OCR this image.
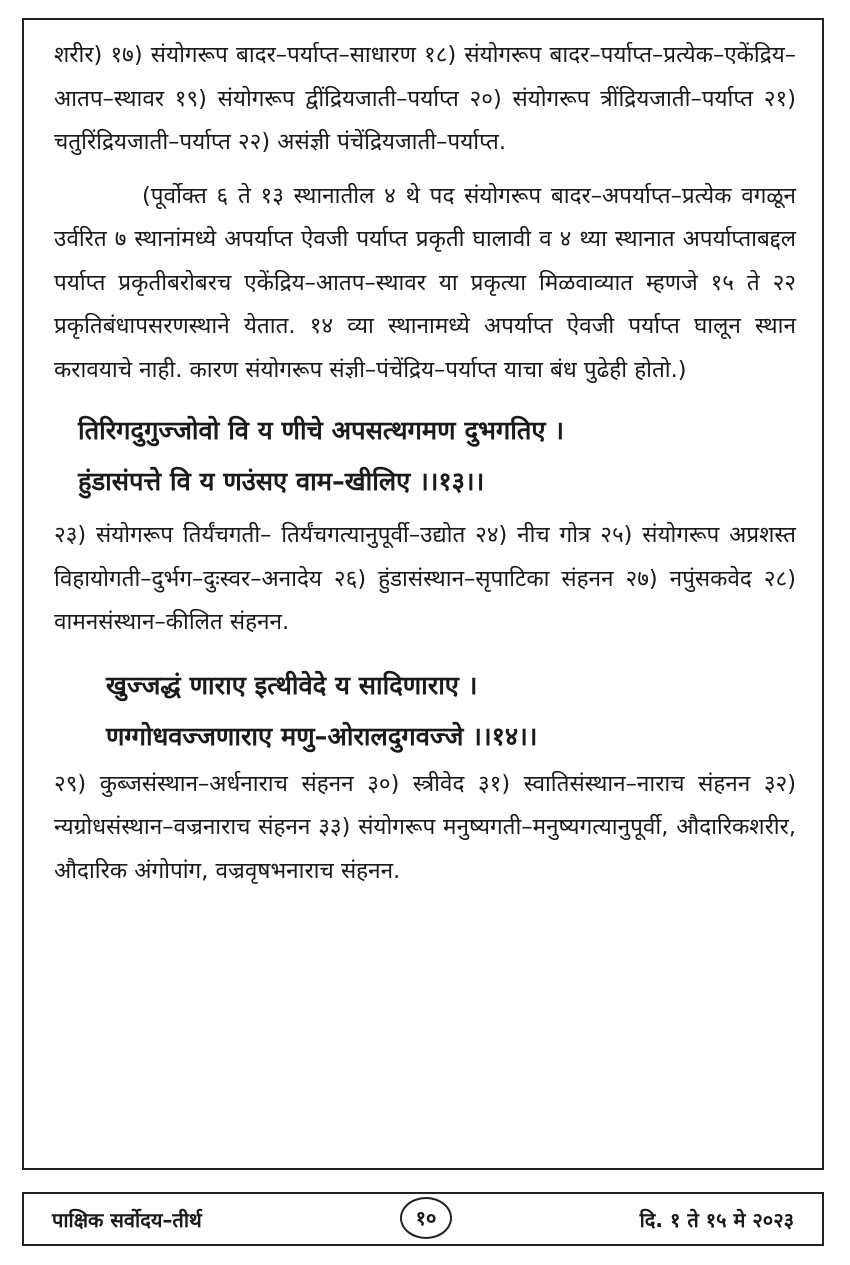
शरीर) १७) संयोगरूप बादर–पर्याप्त–साधारण १८) संयोगरूप बादर–पर्याप्त–प्रत्येक–एकेंद्रिय–आतप–स्थावर १९) संयोगरूप द्वींद्रियजाती–पर्याप्त २०) संयोगरूप त्रींद्रियजाती–पर्याप्त २१) चतुरिंद्रियजाती–पर्याप्त २२) असंज्ञी पंचेंद्रियजाती–पर्याप्त.

(पूर्वोक्त ६ ते १३ स्थानातील ४ थे पद संयोगरूप बादर–अपर्याप्त–प्रत्येक वगळून उर्वरित ७ स्थानांमध्ये अपर्याप्त ऐवजी पर्याप्त प्रकृती घालावी व ४ थ्या स्थानात अपर्याप्ताबद्दल पर्याप्त प्रकृतीबरोबरच एकेंद्रिय–आतप–स्थावर या प्रकृत्या मिळवाव्यात म्हणजे १५ ते २२ प्रकृतिबंधापसरणस्थाने येतात. १४ व्या स्थानामध्ये अपर्याप्त ऐवजी पर्याप्त घालून स्थान करावयाचे नाही. कारण संयोगरूप संज्ञी–पंचेंद्रिय–पर्याप्त याचा बंध पुढेही होतो.)

तिरिगदुगुज्जोवो वि य णीचे अपसत्थगमण दुभगतिए ।

हुंडासंपत्ते वि य णउंसए वाम–खीलिए ।।१३।।

२३) संयोगरूप तिर्यंचगती– तिर्यंचगत्यानुपूर्वी–उद्योत २४) नीच गोत्र २५) संयोगरूप अप्रशस्त विहायोगती–दुर्भग–दुःस्वर–अनादेय २६) हुंडासंस्थान–सृपाटिका संहनन २७) नपुंसकवेद २८) वामनसंस्थान–कीलित संहनन.

खुज्जद्धं णाराए इत्थीवेदे य सादिणाराए ।

णग्गोधवज्जणाराए मणु–ओरालदुगवज्जे ।।१४।।

२९) कुब्जसंस्थान–अर्धनाराच संहनन ३०) स्त्रीवेद ३१) स्वातिसंस्थान–नाराच संहनन ३२) न्यग्रोधसंस्थान–वज्रनाराच संहनन ३३) संयोगरूप मनुष्यगती–मनुष्यगत्यानुपूर्वी, औदारिकशरीर, औदारिक अंगोपांग, वज्रवृषभनाराच संहनन.

पाक्षिक सर्वोदय–तीर्थ	१०	दि. १ ते १५ मे २०२३
